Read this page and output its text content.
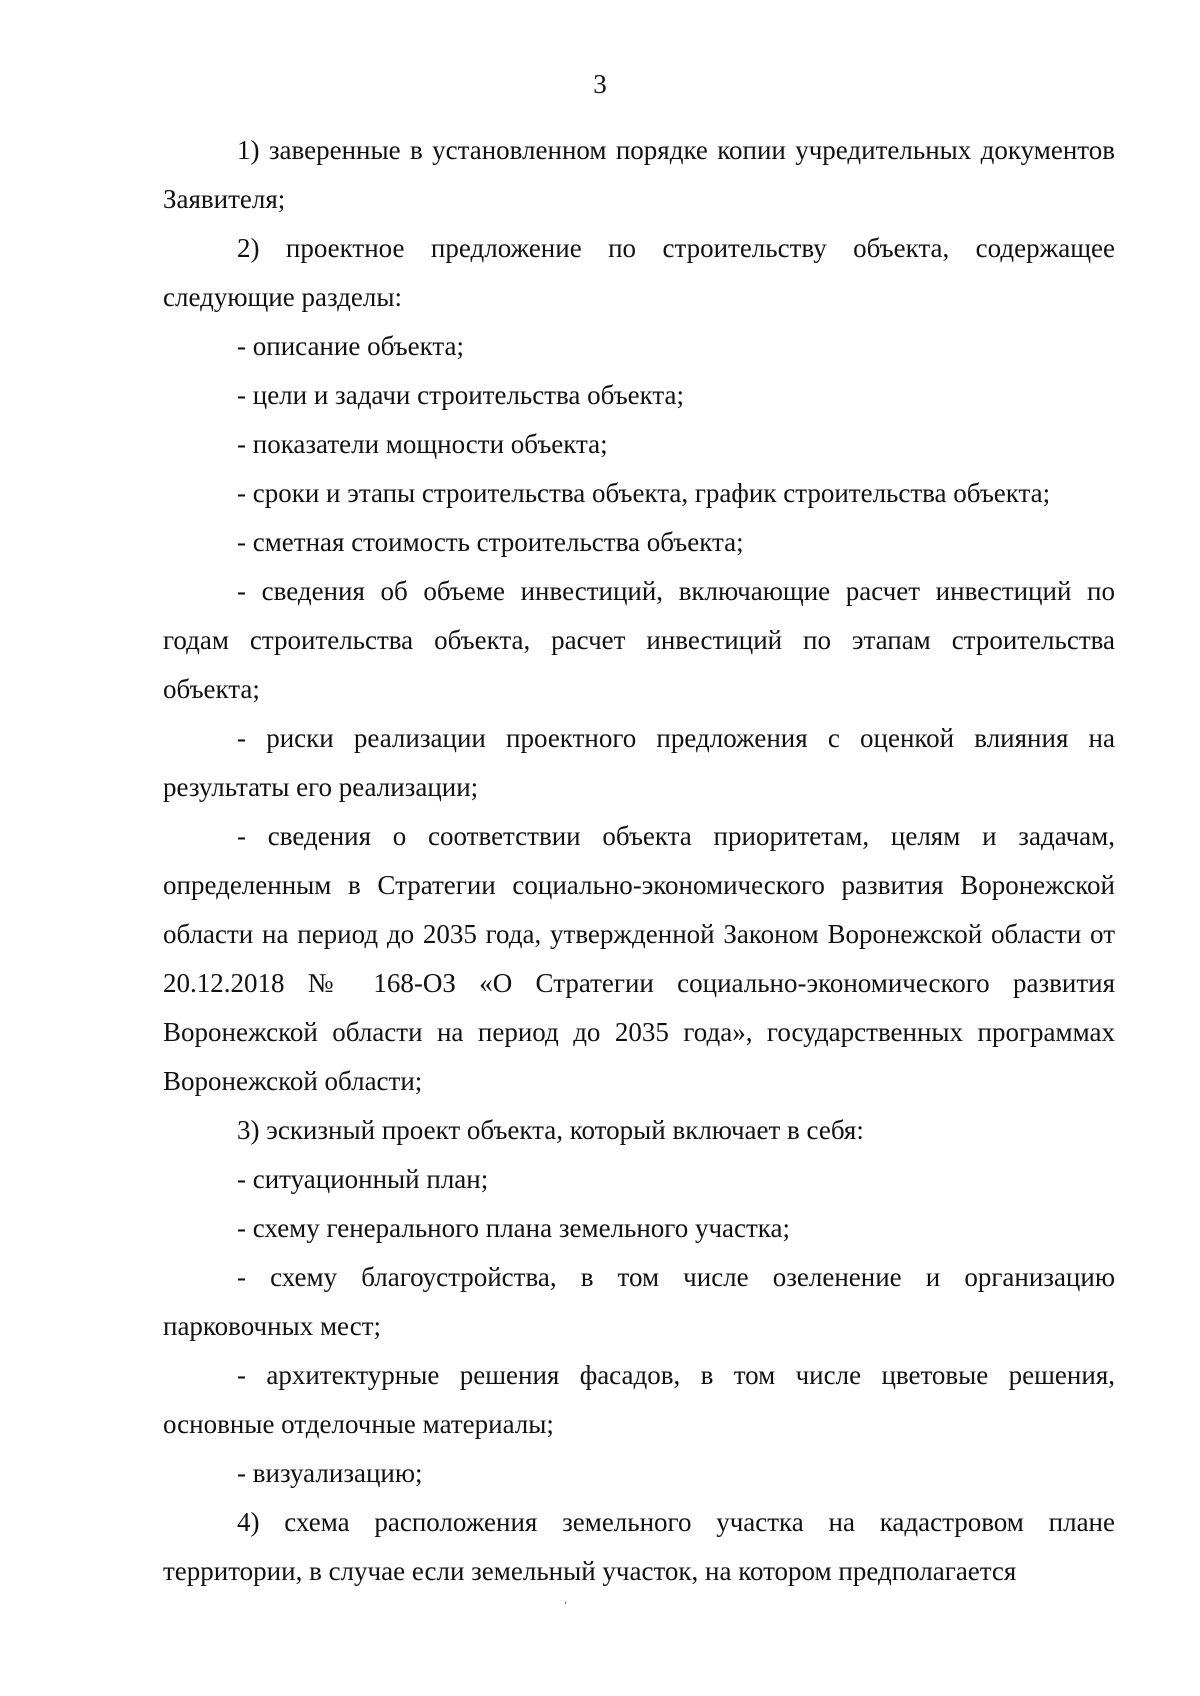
3

1) заверенные в установленном порядке копии учредительных документов Заявителя;

2) проектное предложение по строительству объекта, содержащее следующие разделы:

- описание объекта;

- цели и задачи строительства объекта;

- показатели мощности объекта;

- сроки и этапы строительства объекта, график строительства объекта;

- сметная стоимость строительства объекта;

- сведения об объеме инвестиций, включающие расчет инвестиций по годам строительства объекта, расчет инвестиций по этапам строительства объекта;

- риски реализации проектного предложения с оценкой влияния на результаты его реализации;

- сведения о соответствии объекта приоритетам, целям и задачам, определенным в Стратегии социально-экономического развития Воронежской области на период до 2035 года, утвержденной Законом Воронежской области от 20.12.2018 № 168-ОЗ «О Стратегии социально-экономического развития Воронежской области на период до 2035 года», государственных программах Воронежской области;

3) эскизный проект объекта, который включает в себя:

- ситуационный план;

- схему генерального плана земельного участка;

- схему благоустройства, в том числе озеленение и организацию парковочных мест;

- архитектурные решения фасадов, в том числе цветовые решения, основные отделочные материалы;

- визуализацию;

4) схема расположения земельного участка на кадастровом плане территории, в случае если земельный участок, на котором предполагается

ˊ
